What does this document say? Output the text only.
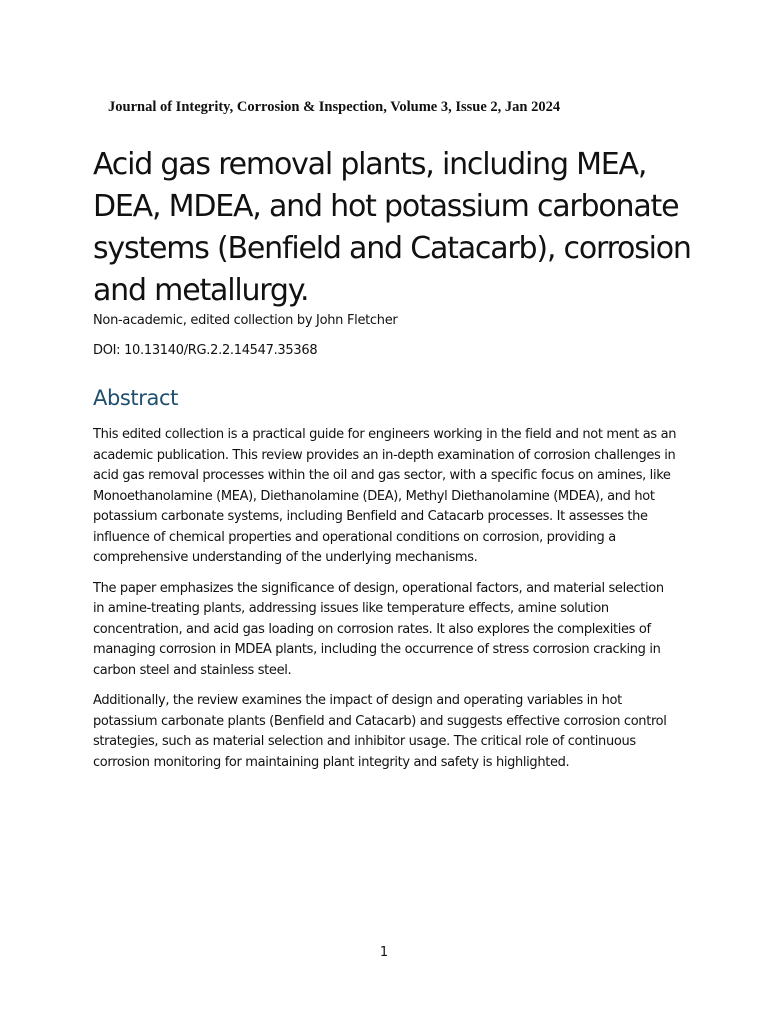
Journal of Integrity, Corrosion & Inspection, Volume 3, Issue 2, Jan 2024
Acid gas removal plants, including MEA, DEA, MDEA, and hot potassium carbonate systems (Benfield and Catacarb), corrosion and metallurgy.
Non-academic, edited collection by John Fletcher
DOI: 10.13140/RG.2.2.14547.35368
Abstract

This edited collection is a practical guide for engineers working in the field and not ment as an academic publication. This review provides an in-depth examination of corrosion challenges in acid gas removal processes within the oil and gas sector, with a specific focus on amines, like Monoethanolamine (MEA), Diethanolamine (DEA), Methyl Diethanolamine (MDEA), and hot potassium carbonate systems, including Benfield and Catacarb processes. It assesses the influence of chemical properties and operational conditions on corrosion, providing a comprehensive understanding of the underlying mechanisms.

The paper emphasizes the significance of design, operational factors, and material selection in amine-treating plants, addressing issues like temperature effects, amine solution concentration, and acid gas loading on corrosion rates. It also explores the complexities of managing corrosion in MDEA plants, including the occurrence of stress corrosion cracking in carbon steel and stainless steel.

Additionally, the review examines the impact of design and operating variables in hot potassium carbonate plants (Benfield and Catacarb) and suggests effective corrosion control strategies, such as material selection and inhibitor usage. The critical role of continuous corrosion monitoring for maintaining plant integrity and safety is highlighted.

1
